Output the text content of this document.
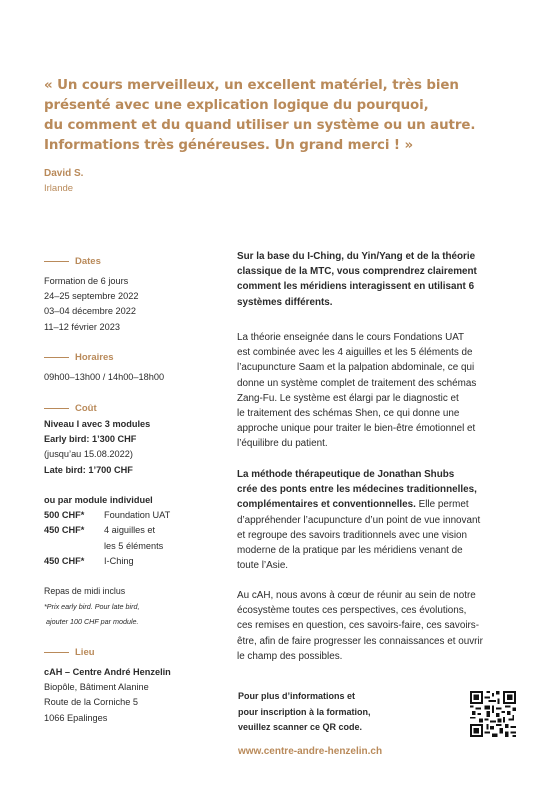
« Un cours merveilleux, un excellent matériel, très bien
présenté avec une explication logique du pourquoi,
du comment et du quand utiliser un système ou un autre.
Informations très généreuses. Un grand merci ! »
David S.
Irlande
Dates
Formation de 6 jours
24–25 septembre 2022
03–04 décembre 2022
11–12 février 2023
Horaires
09h00–13h00 / 14h00–18h00
Coût
Niveau I avec 3 modules
Early bird: 1’300 CHF
(jusqu’au 15.08.2022)
Late bird: 1’700 CHF
ou par module individuel
500 CHF* Foundation UAT
450 CHF* 4 aiguilles et
les 5 éléments
450 CHF* I-Ching
Repas de midi inclus
*Prix early bird. Pour late bird,
ajouter 100 CHF par module.
Lieu
cAH – Centre André Henzelin
Biopôle, Bâtiment Alanine
Route de la Corniche 5
1066 Epalinges
Sur la base du I-Ching, du Yin/Yang et de la théorie
classique de la MTC, vous comprendrez clairement
comment les méridiens interagissent en utilisant 6
systèmes différents.
La théorie enseignée dans le cours Fondations UAT
est combinée avec les 4 aiguilles et les 5 éléments de
l’acupuncture Saam et la palpation abdominale, ce qui
donne un système complet de traitement des schémas
Zang-Fu. Le système est élargi par le diagnostic et
le traitement des schémas Shen, ce qui donne une
approche unique pour traiter le bien-être émotionnel et
l’équilibre du patient.
La méthode thérapeutique de Jonathan Shubs
crée des ponts entre les médecines traditionnelles,
complémentaires et conventionnelles. Elle permet
d’appréhender l’acupuncture d’un point de vue innovant
et regroupe des savoirs traditionnels avec une vision
moderne de la pratique par les méridiens venant de
toute l’Asie.
Au cAH, nous avons à cœur de réunir au sein de notre
écosystème toutes ces perspectives, ces évolutions,
ces remises en question, ces savoirs-faire, ces savoirs-
être, afin de faire progresser les connaissances et ouvrir
le champ des possibles.
Pour plus d’informations et
pour inscription à la formation,
veuillez scanner ce QR code.
www.centre-andre-henzelin.ch
